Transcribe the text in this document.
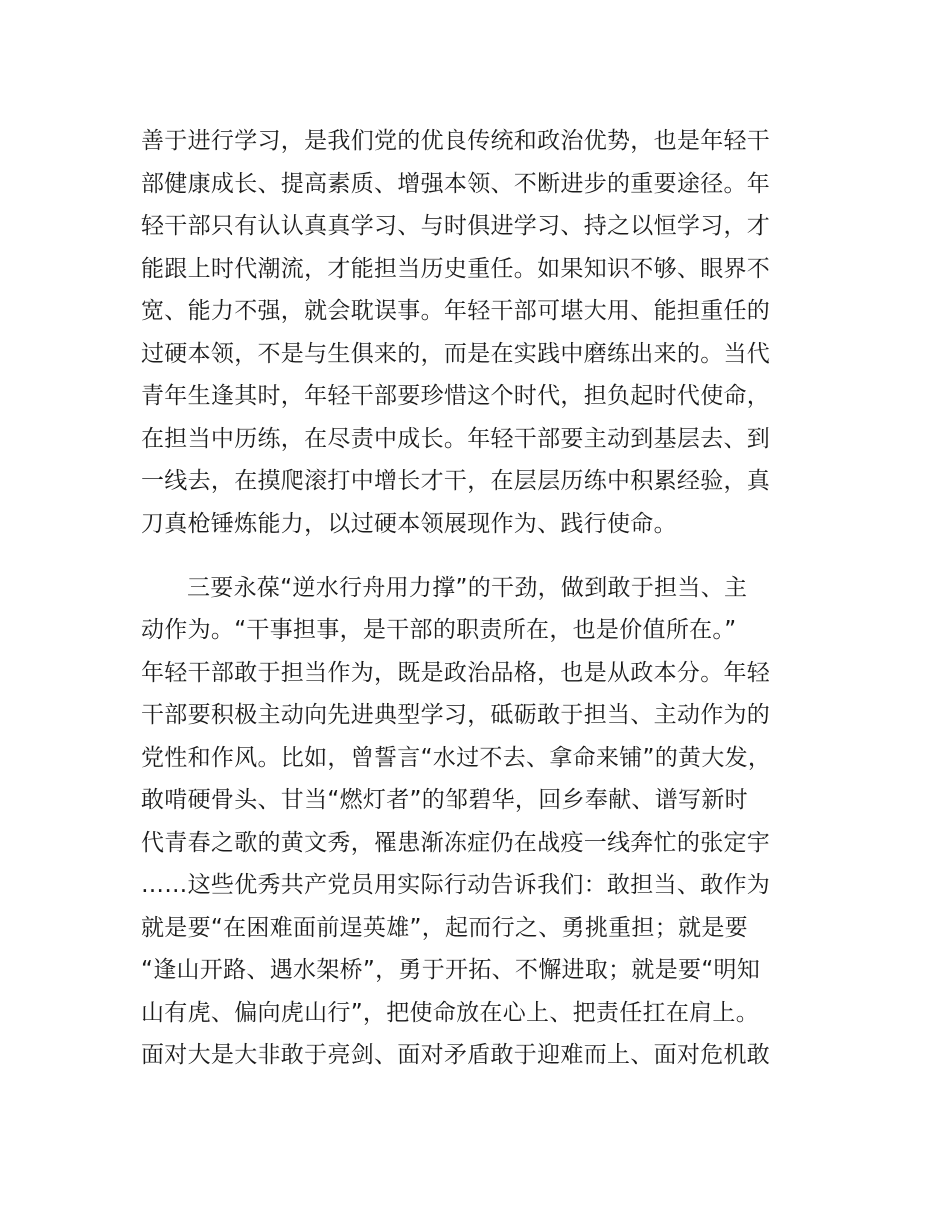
善于进行学习，是我们党的优良传统和政治优势，也是年轻干
部健康成长、提高素质、增强本领、不断进步的重要途径。年
轻干部只有认认真真学习、与时俱进学习、持之以恒学习，才
能跟上时代潮流，才能担当历史重任。如果知识不够、眼界不
宽、能力不强，就会耽误事。年轻干部可堪大用、能担重任的
过硬本领，不是与生俱来的，而是在实践中磨练出来的。当代
青年生逢其时，年轻干部要珍惜这个时代，担负起时代使命，
在担当中历练，在尽责中成长。年轻干部要主动到基层去、到
一线去，在摸爬滚打中增长才干，在层层历练中积累经验，真
刀真枪锤炼能力，以过硬本领展现作为、践行使命。
三要永葆“逆水行舟用力撑”的干劲，做到敢于担当、主
动作为。“干事担事，是干部的职责所在，也是价值所在。”
年轻干部敢于担当作为，既是政治品格，也是从政本分。年轻
干部要积极主动向先进典型学习，砥砺敢于担当、主动作为的
党性和作风。比如，曾誓言“水过不去、拿命来铺”的黄大发，
敢啃硬骨头、甘当“燃灯者”的邹碧华，回乡奉献、谱写新时
代青春之歌的黄文秀，罹患渐冻症仍在战疫一线奔忙的张定宇
……这些优秀共产党员用实际行动告诉我们：敢担当、敢作为
就是要“在困难面前逞英雄”，起而行之、勇挑重担；就是要
“逢山开路、遇水架桥”，勇于开拓、不懈进取；就是要“明知
山有虎、偏向虎山行”，把使命放在心上、把责任扛在肩上。
面对大是大非敢于亮剑、面对矛盾敢于迎难而上、面对危机敢
